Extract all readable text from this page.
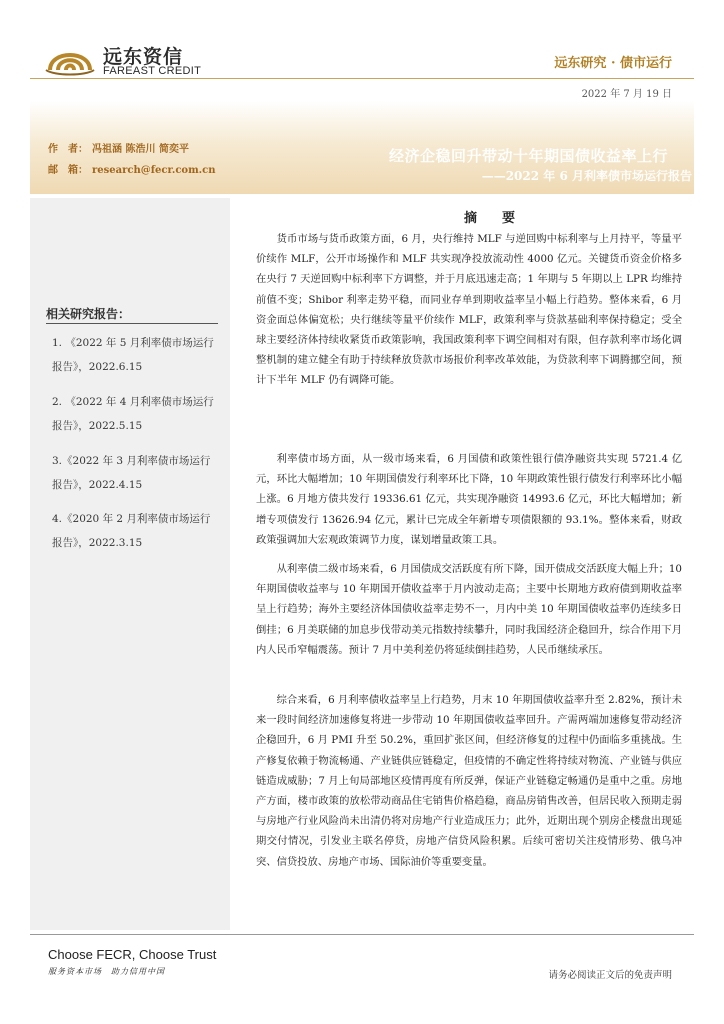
远东资信
FAREAST CREDIT	远东研究 · 债市运行
2022 年 7 月 19 日
作　者： 冯祖涵 陈浩川 简奕平
邮　箱： research@fecr.com.cn
经济企稳回升带动十年期国债收益率上行
——2022 年 6 月利率债市场运行报告
相关研究报告：
1. 《2022 年 5 月利率债市场运行报告》，2022.6.15
2. 《2022 年 4 月利率债市场运行报告》，2022.5.15
3.《2022 年 3 月利率债市场运行报告》，2022.4.15
4.《2020 年 2 月利率债市场运行报告》，2022.3.15
摘　要

货币市场与货币政策方面，6 月，央行维持 MLF 与逆回购中标利率与上月持平，等量平价续作 MLF，公开市场操作和 MLF 共实现净投放流动性 4000 亿元。关键货币资金价格多在央行 7 天逆回购中标利率下方调整，并于月底迅速走高；1 年期与 5 年期以上 LPR 均维持前值不变；Shibor 利率走势平稳，而同业存单到期收益率呈小幅上行趋势。整体来看，6 月资金面总体偏宽松；央行继续等量平价续作 MLF，政策利率与贷款基础利率保持稳定；受全球主要经济体持续收紧货币政策影响，我国政策利率下调空间相对有限，但存款利率市场化调整机制的建立健全有助于持续释放贷款市场报价利率改革效能，为贷款利率下调腾挪空间，预计下半年 MLF 仍有调降可能。

利率债市场方面，从一级市场来看，6 月国债和政策性银行债净融资共实现 5721.4 亿元，环比大幅增加；10 年期国债发行利率环比下降，10 年期政策性银行债发行利率环比小幅上涨。6 月地方债共发行 19336.61 亿元，共实现净融资 14993.6 亿元，环比大幅增加；新增专项债发行 13626.94 亿元，累计已完成全年新增专项债限额的 93.1%。整体来看，财政政策强调加大宏观政策调节力度，谋划增量政策工具。

从利率债二级市场来看，6 月国债成交活跃度有所下降，国开债成交活跃度大幅上升；10 年期国债收益率与 10 年期国开债收益率于月内波动走高；主要中长期地方政府债到期收益率呈上行趋势；海外主要经济体国债收益率走势不一，月内中美 10 年期国债收益率仍连续多日倒挂；6 月美联储的加息步伐带动美元指数持续攀升，同时我国经济企稳回升，综合作用下月内人民币窄幅震荡。预计 7 月中美利差仍将延续倒挂趋势，人民币继续承压。

综合来看，6 月利率债收益率呈上行趋势，月末 10 年期国债收益率升至 2.82%，预计未来一段时间经济加速修复将进一步带动 10 年期国债收益率回升。产需两端加速修复带动经济企稳回升，6 月 PMI 升至 50.2%，重回扩张区间，但经济修复的过程中仍面临多重挑战。生产修复依赖于物流畅通、产业链供应链稳定，但疫情的不确定性将持续对物流、产业链与供应链造成威胁；7 月上旬局部地区疫情再度有所反弹，保证产业链稳定畅通仍是重中之重。房地产方面，楼市政策的放松带动商品住宅销售价格趋稳，商品房销售改善，但居民收入预期走弱与房地产行业风险尚未出清仍将对房地产行业造成压力；此外，近期出现个别房企楼盘出现延期交付情况，引发业主联名停贷，房地产信贷风险积累。后续可密切关注疫情形势、俄乌冲突、信贷投放、房地产市场、国际油价等重要变量。

Choose FECR, Choose Trust
服务资本市场　助力信用中国	请务必阅读正文后的免责声明
